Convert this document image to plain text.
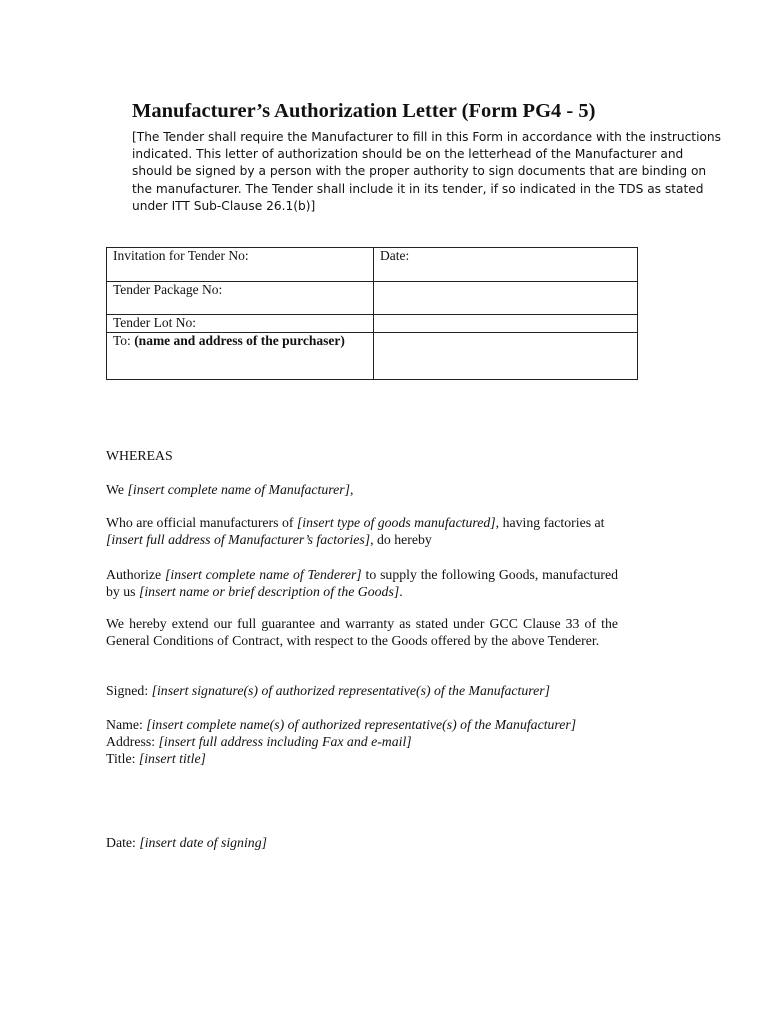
Manufacturer’s Authorization Letter (Form PG4 - 5)
[The Tender shall require the Manufacturer to fill in this Form in accordance with the instructions
indicated. This letter of authorization should be on the letterhead of the Manufacturer and
should be signed by a person with the proper authority to sign documents that are binding on
the manufacturer. The Tender shall include it in its tender, if so indicated in the TDS as stated
under ITT Sub-Clause 26.1(b)]
Invitation for Tender No:	Date:
Tender Package No:	
Tender Lot No:	
To: (name and address of the purchaser)	
WHEREAS
We [insert complete name of Manufacturer],
Who are official manufacturers of [insert type of goods manufactured], having factories at
[insert full address of Manufacturer’s factories], do hereby
Authorize [insert complete name of Tenderer] to supply the following Goods, manufactured by us [insert name or brief description of the Goods].
We hereby extend our full guarantee and warranty as stated under GCC Clause 33 of the General Conditions of Contract, with respect to the Goods offered by the above Tenderer.
Signed: [insert signature(s) of authorized representative(s) of the Manufacturer]
Name: [insert complete name(s) of authorized representative(s) of the Manufacturer]
Address: [insert full address including Fax and e-mail]
Title: [insert title]
Date: [insert date of signing]
